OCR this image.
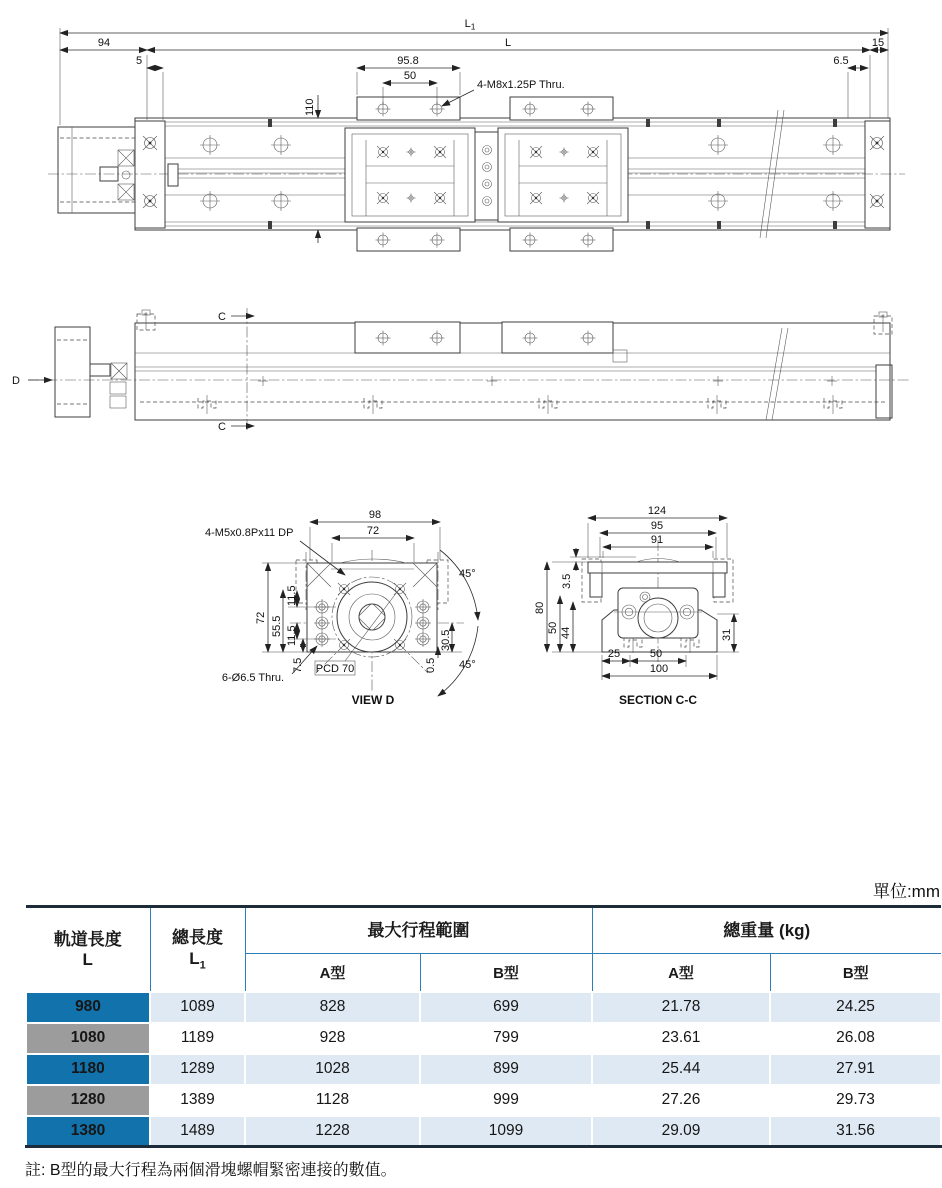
$L_1$
L
94	15
5	6.5
95.8
50
110
4-M8x1.25P Thru.
C
C
D
98
72
4-M5x0.8Px11 DP
45°
45°
72 55.5
11.5
11.5
7.5
30.5
0.5
PCD 70
6-Ø6.5 Thru.
VIEW D
124
95
91
3.5
80
50 44	31
25	50
100
SECTION C-C
單位:mm
軌道長度
L

總長度
$L_1$
	最大行程範圍	總重量 (kg)
		A型	B型	A型	B型
980	1089	828	699	21.78	24.25
1080	1189	928	799	23.61	26.08
1180	1289	1028	899	25.44	27.91
1280	1389	1128	999	27.26	29.73
1380	1489	1228	1099	29.09	31.56
註: B型的最大行程為兩個滑塊螺帽緊密連接的數值。
